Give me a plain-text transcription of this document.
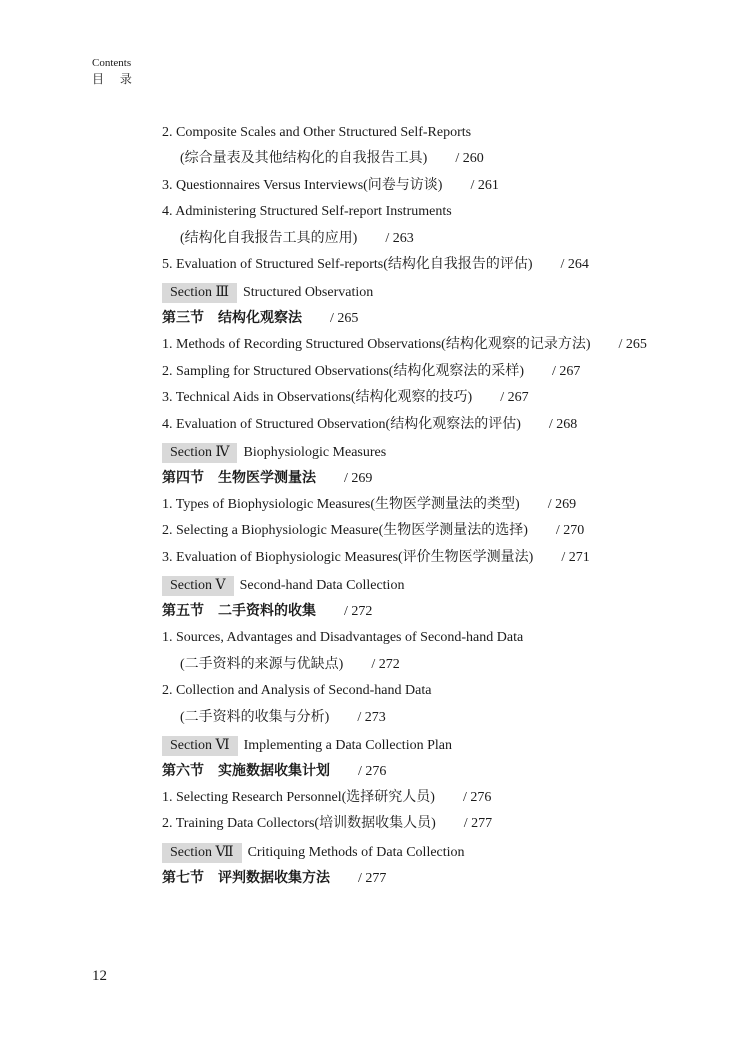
Contents
目 录
2. Composite Scales and Other Structured Self-Reports
(综合量表及其他结构化的自我报告工具) / 260
3. Questionnaires Versus Interviews(问卷与访谈) / 261
4. Administering Structured Self-report Instruments
(结构化自我报告工具的应用) / 263
5. Evaluation of Structured Self-reports(结构化自我报告的评估) / 264
Section Ⅲ Structured Observation
第三节 结构化观察法 / 265
1. Methods of Recording Structured Observations(结构化观察的记录方法) / 265
2. Sampling for Structured Observations(结构化观察法的采样) / 267
3. Technical Aids in Observations(结构化观察的技巧) / 267
4. Evaluation of Structured Observation(结构化观察法的评估) / 268
Section Ⅳ Biophysiologic Measures
第四节 生物医学测量法 / 269
1. Types of Biophysiologic Measures(生物医学测量法的类型) / 269
2. Selecting a Biophysiologic Measure(生物医学测量法的选择) / 270
3. Evaluation of Biophysiologic Measures(评价生物医学测量法) / 271
Section Ⅴ Second-hand Data Collection
第五节 二手资料的收集 / 272
1. Sources, Advantages and Disadvantages of Second-hand Data
(二手资料的来源与优缺点) / 272
2. Collection and Analysis of Second-hand Data
(二手资料的收集与分析) / 273
Section Ⅵ Implementing a Data Collection Plan
第六节 实施数据收集计划 / 276
1. Selecting Research Personnel(选择研究人员) / 276
2. Training Data Collectors(培训数据收集人员) / 277
Section Ⅶ Critiquing Methods of Data Collection
第七节 评判数据收集方法 / 277
12
